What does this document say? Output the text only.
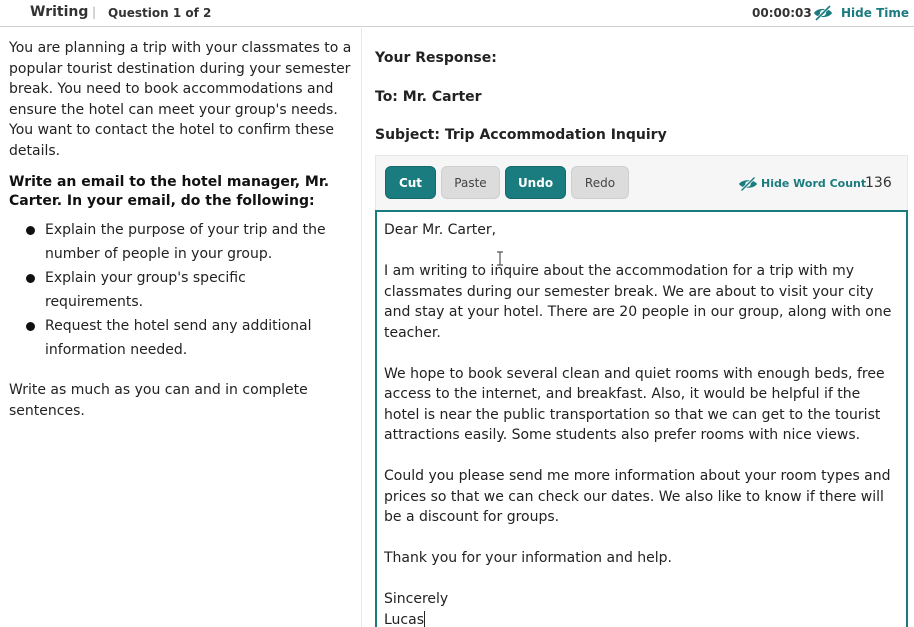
Writing | Question 1 of 2	00:00:03 Hide Time

You are planning a trip with your classmates to a popular tourist destination during your semester break. You need to book accommodations and ensure the hotel can meet your group's needs. You want to contact the hotel to confirm these details.

Write an email to the hotel manager, Mr. Carter. In your email, do the following:

Explain the purpose of your trip and the number of people in your group.
Explain your group's specific requirements.
Request the hotel send any additional information needed.

Write as much as you can and in complete sentences.

Your Response:
To: Mr. Carter
Subject: Trip Accommodation Inquiry
Cut	Paste	Undo	Redo	Hide Word Count
136

Dear Mr. Carter,

I am writing to inquire about the accommodation for a trip with my classmates during our semester break. We are about to visit your city and stay at your hotel. There are 20 people in our group, along with one teacher.

We hope to book several clean and quiet rooms with enough beds, free access to the internet, and breakfast. Also, it would be helpful if the hotel is near the public transportation so that we can get to the tourist attractions easily. Some students also prefer rooms with nice views.

Could you please send me more information about your room types and prices so that we can check our dates. We also like to know if there will be a discount for groups.

Thank you for your information and help.

Sincerely

Lucas
